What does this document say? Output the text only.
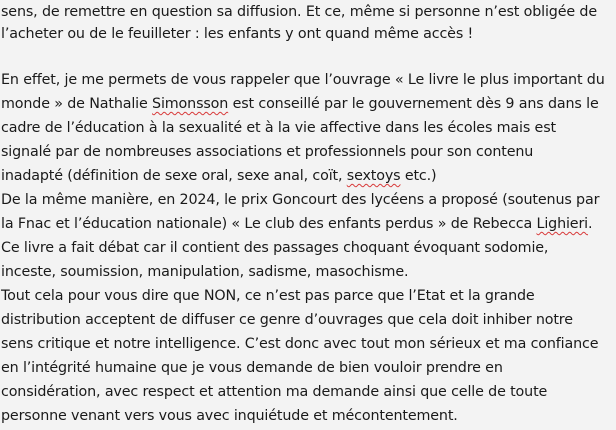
sens, de remettre en question sa diffusion. Et ce, même si personne n’est obligée de
l’acheter ou de le feuilleter : les enfants y ont quand même accès !
En effet, je me permets de vous rappeler que l’ouvrage « Le livre le plus important du
monde » de Nathalie Simonsson est conseillé par le gouvernement dès 9 ans dans le
cadre de l’éducation à la sexualité et à la vie affective dans les écoles mais est
signalé par de nombreuses associations et professionnels pour son contenu
inadapté (définition de sexe oral, sexe anal, coït, sextoys etc.)
De la même manière, en 2024, le prix Goncourt des lycéens a proposé (soutenus par
la Fnac et l’éducation nationale) « Le club des enfants perdus » de Rebecca Lighieri.
Ce livre a fait débat car il contient des passages choquant évoquant sodomie,
inceste, soumission, manipulation, sadisme, masochisme.
Tout cela pour vous dire que NON, ce n’est pas parce que l’Etat et la grande
distribution acceptent de diffuser ce genre d’ouvrages que cela doit inhiber notre
sens critique et notre intelligence. C’est donc avec tout mon sérieux et ma confiance
en l’intégrité humaine que je vous demande de bien vouloir prendre en
considération, avec respect et attention ma demande ainsi que celle de toute
personne venant vers vous avec inquiétude et mécontentement.
